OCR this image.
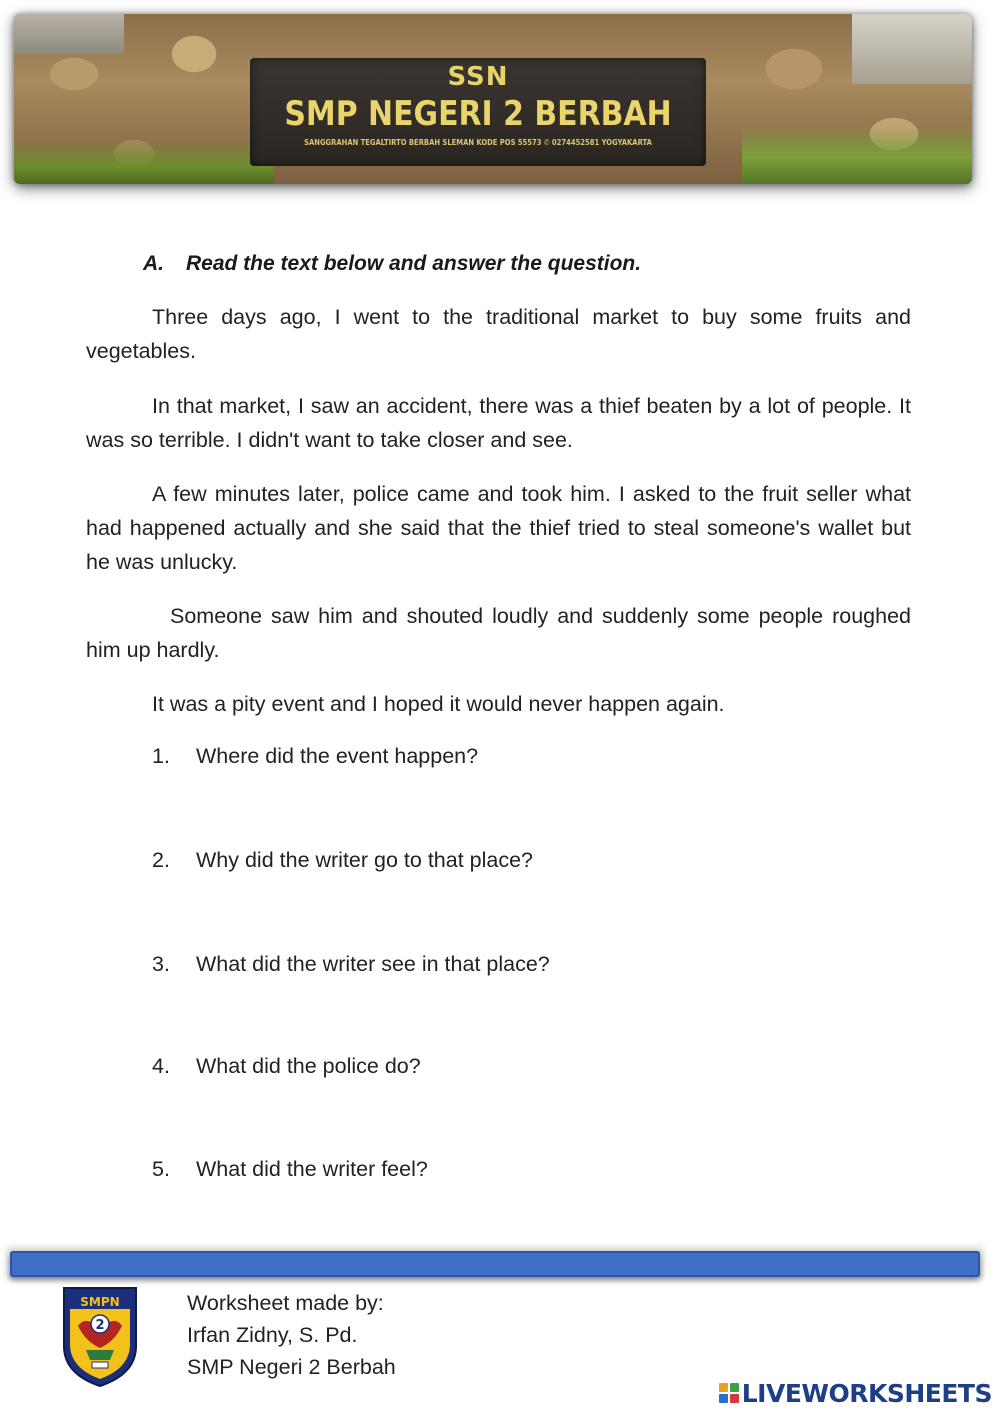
SSN
SMP NEGERI 2 BERBAH
SANGGRAHAN TEGALTIRTO BERBAH SLEMAN KODE POS 55573 ✆ 0274452581 YOGYAKARTA
A. Read the text below and answer the question.

Three days ago, I went to the traditional market to buy some fruits and vegetables.

In that market, I saw an accident, there was a thief beaten by a lot of people. It was so terrible. I didn't want to take closer and see.

A few minutes later, police came and took him. I asked to the fruit seller what had happened actually and she said that the thief tried to steal someone's wallet but he was unlucky.

Someone saw him and shouted loudly and suddenly some people roughed him up hardly.

It was a pity event and I hoped it would never happen again.

1. Where did the event happen?
2. Why did the writer go to that place?
3. What did the writer see in that place?
4. What did the police do?
5. What did the writer feel?
SMPN
2
Worksheet made by:
Irfan Zidny, S. Pd.
SMP Negeri 2 Berbah
LIVEWORKSHEETS
